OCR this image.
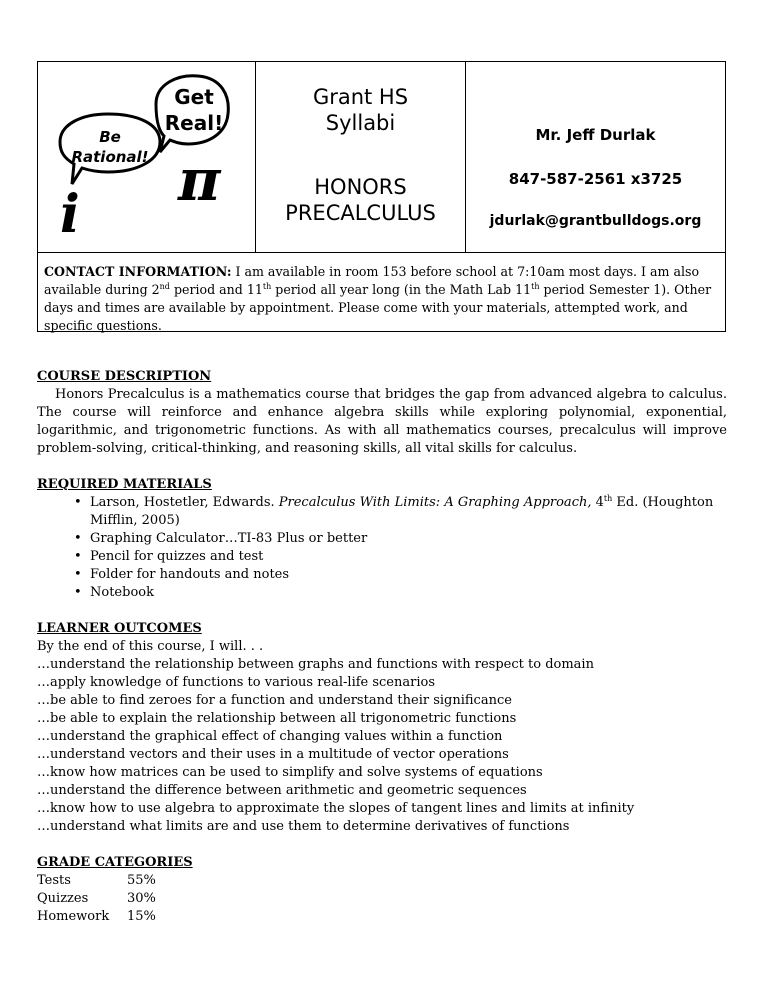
Get
Real!
Be
Rational!
i
π
Grant HS
Syllabi
HONORS
PRECALCULUS
Mr. Jeff Durlak
847-587-2561 x3725
jdurlak@grantbulldogs.org
CONTACT INFORMATION: I am available in room 153 before school at 7:10am most days. I am also available during 2nd period and 11th period all year long (in the Math Lab 11th period Semester 1). Other days and times are available by appointment. Please come with your materials, attempted work, and specific questions.
COURSE DESCRIPTION

Honors Precalculus is a mathematics course that bridges the gap from advanced algebra to calculus. The course will reinforce and enhance algebra skills while exploring polynomial, exponential, logarithmic, and trigonometric functions. As with all mathematics courses, precalculus will improve problem-solving, critical-thinking, and reasoning skills, all vital skills for calculus.

REQUIRED MATERIALS
• Larson, Hostetler, Edwards. Precalculus With Limits: A Graphing Approach, 4th Ed. (Houghton Mifflin, 2005)
• Graphing Calculator…TI-83 Plus or better
• Pencil for quizzes and test
• Folder for handouts and notes
• Notebook
LEARNER OUTCOMES
By the end of this course, I will. . .
…understand the relationship between graphs and functions with respect to domain
…apply knowledge of functions to various real-life scenarios
…be able to find zeroes for a function and understand their significance
…be able to explain the relationship between all trigonometric functions
…understand the graphical effect of changing values within a function
…understand vectors and their uses in a multitude of vector operations
…know how matrices can be used to simplify and solve systems of equations
…understand the difference between arithmetic and geometric sequences
…know how to use algebra to approximate the slopes of tangent lines and limits at infinity
…understand what limits are and use them to determine derivatives of functions
GRADE CATEGORIES
Tests	55%
Quizzes	30%
Homework	15%
